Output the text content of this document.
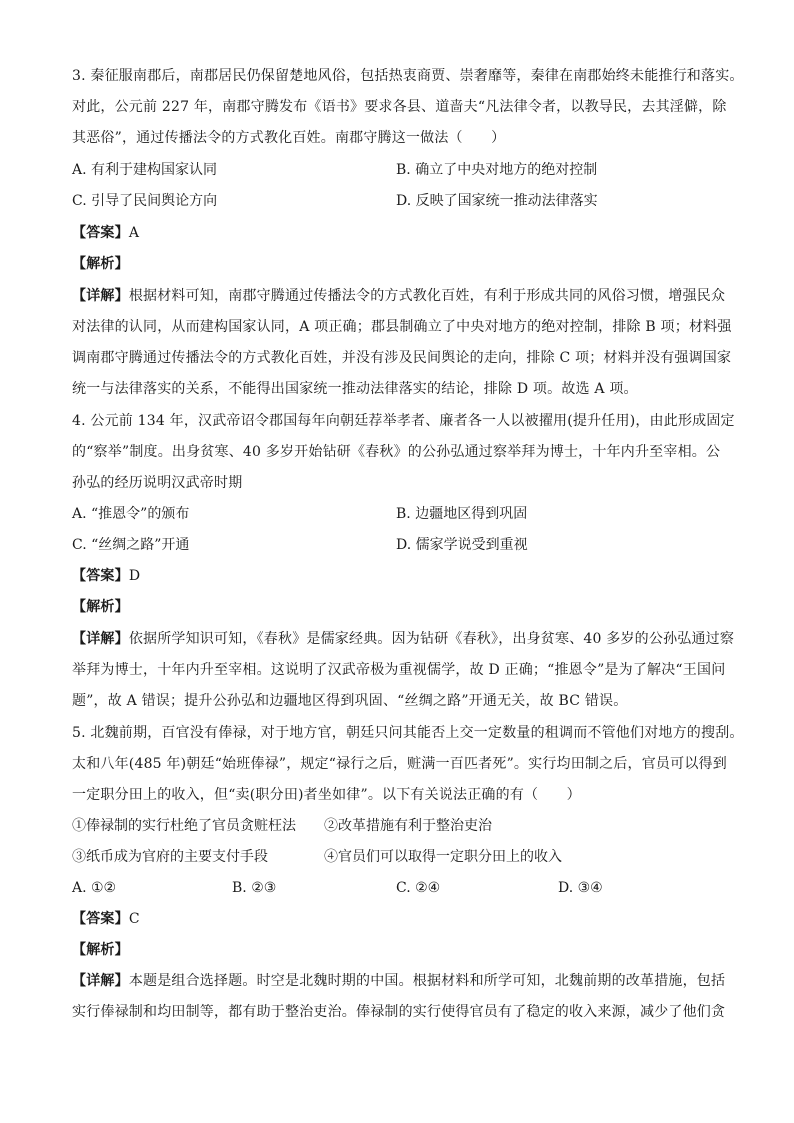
3. 秦征服南郡后，南郡居民仍保留楚地风俗，包括热衷商贾、崇奢靡等，秦律在南郡始终未能推行和落实。
对此，公元前 227 年，南郡守腾发布《语书》要求各县、道啬夫“凡法律令者，以教导民，去其淫僻，除
其恶俗”，通过传播法令的方式教化百姓。南郡守腾这一做法（　　）
A. 有利于建构国家认同	B. 确立了中央对地方的绝对控制
C. 引导了民间舆论方向	D. 反映了国家统一推动法律落实
【答案】A
【解析】
【详解】根据材料可知，南郡守腾通过传播法令的方式教化百姓，有利于形成共同的风俗习惯，增强民众
对法律的认同，从而建构国家认同，A 项正确；郡县制确立了中央对地方的绝对控制，排除 B 项；材料强
调南郡守腾通过传播法令的方式教化百姓，并没有涉及民间舆论的走向，排除 C 项；材料并没有强调国家
统一与法律落实的关系，不能得出国家统一推动法律落实的结论，排除 D 项。故选 A 项。
4. 公元前 134 年，汉武帝诏令郡国每年向朝廷荐举孝者、廉者各一人以被擢用(提升任用)，由此形成固定
的“察举”制度。出身贫寒、40 多岁开始钻研《春秋》的公孙弘通过察举拜为博士，十年内升至宰相。公
孙弘的经历说明汉武帝时期
A. “推恩令”的颁布	B. 边疆地区得到巩固
C. “丝绸之路”开通	D. 儒家学说受到重视
【答案】D
【解析】
【详解】依据所学知识可知，《春秋》是儒家经典。因为钻研《春秋》，出身贫寒、40 多岁的公孙弘通过察
举拜为博士，十年内升至宰相。这说明了汉武帝极为重视儒学，故 D 正确；“推恩令”是为了解决“王国问
题”，故 A 错误；提升公孙弘和边疆地区得到巩固、“丝绸之路”开通无关，故 BC 错误。
5. 北魏前期，百官没有俸禄，对于地方官，朝廷只问其能否上交一定数量的租调而不管他们对地方的搜刮。
太和八年(485 年)朝廷“始班俸禄”，规定“禄行之后，赃满一百匹者死”。实行均田制之后，官员可以得到
一定职分田上的收入，但“卖(职分田)者坐如律”。以下有关说法正确的有（　　）
①俸禄制的实行杜绝了官员贪赃枉法 ②改革措施有利于整治吏治
③纸币成为官府的主要支付手段	④官员们可以取得一定职分田上的收入
A. ①②	B. ②③	C. ②④	D. ③④
【答案】C
【解析】
【详解】本题是组合选择题。时空是北魏时期的中国。根据材料和所学可知，北魏前期的改革措施，包括
实行俸禄制和均田制等，都有助于整治吏治。俸禄制的实行使得官员有了稳定的收入来源，减少了他们贪
